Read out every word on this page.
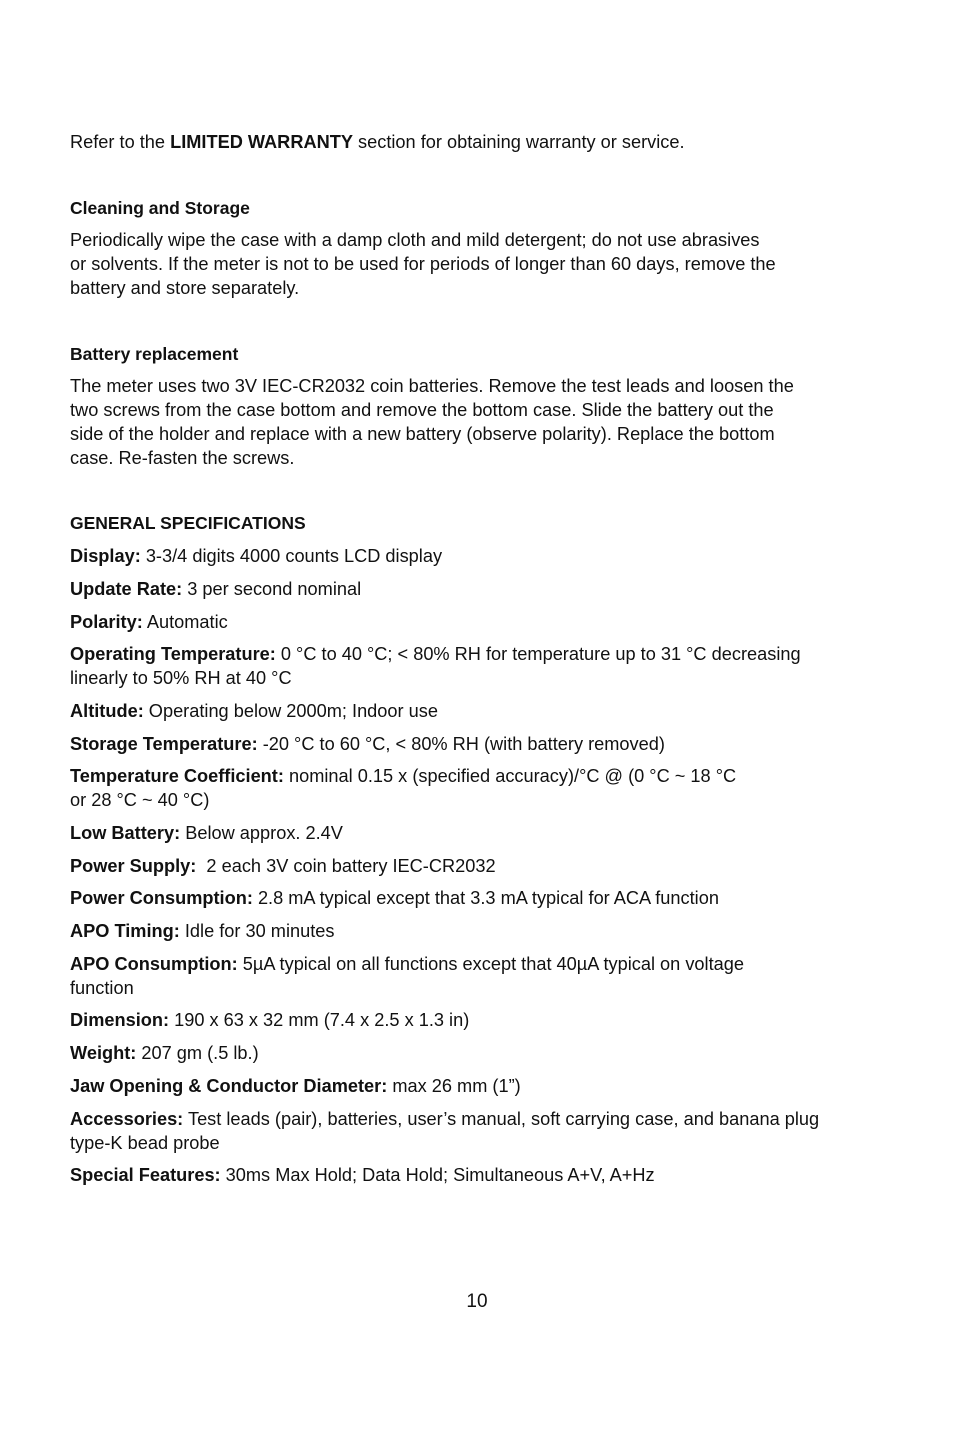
Refer to the LIMITED WARRANTY section for obtaining warranty or service.

Cleaning and Storage

Periodically wipe the case with a damp cloth and mild detergent; do not use abrasives
or solvents. If the meter is not to be used for periods of longer than 60 days, remove the
battery and store separately.

Battery replacement

The meter uses two 3V IEC-CR2032 coin batteries. Remove the test leads and loosen the
two screws from the case bottom and remove the bottom case. Slide the battery out the
side of the holder and replace with a new battery (observe polarity). Replace the bottom
case. Re-fasten the screws.

GENERAL SPECIFICATIONS

Display: 3-3/4 digits 4000 counts LCD display
Update Rate: 3 per second nominal
Polarity: Automatic
Operating Temperature: 0 °C to 40 °C; < 80% RH for temperature up to 31 °C decreasing
linearly to 50% RH at 40 °C
Altitude: Operating below 2000m; Indoor use
Storage Temperature: -20 °C to 60 °C, < 80% RH (with battery removed)
Temperature Coefficient: nominal 0.15 x (specified accuracy)/°C @ (0 °C ~ 18 °C
or 28 °C ~ 40 °C)
Low Battery: Below approx. 2.4V
Power Supply:  2 each 3V coin battery IEC-CR2032
Power Consumption: 2.8 mA typical except that 3.3 mA typical for ACA function
APO Timing: Idle for 30 minutes
APO Consumption: 5µA typical on all functions except that 40µA typical on voltage
function
Dimension: 190 x 63 x 32 mm (7.4 x 2.5 x 1.3 in)
Weight: 207 gm (.5 lb.)
Jaw Opening & Conductor Diameter: max 26 mm (1”)
Accessories: Test leads (pair), batteries, user’s manual, soft carrying case, and banana plug
type-K bead probe
Special Features: 30ms Max Hold; Data Hold; Simultaneous A+V, A+Hz
10
